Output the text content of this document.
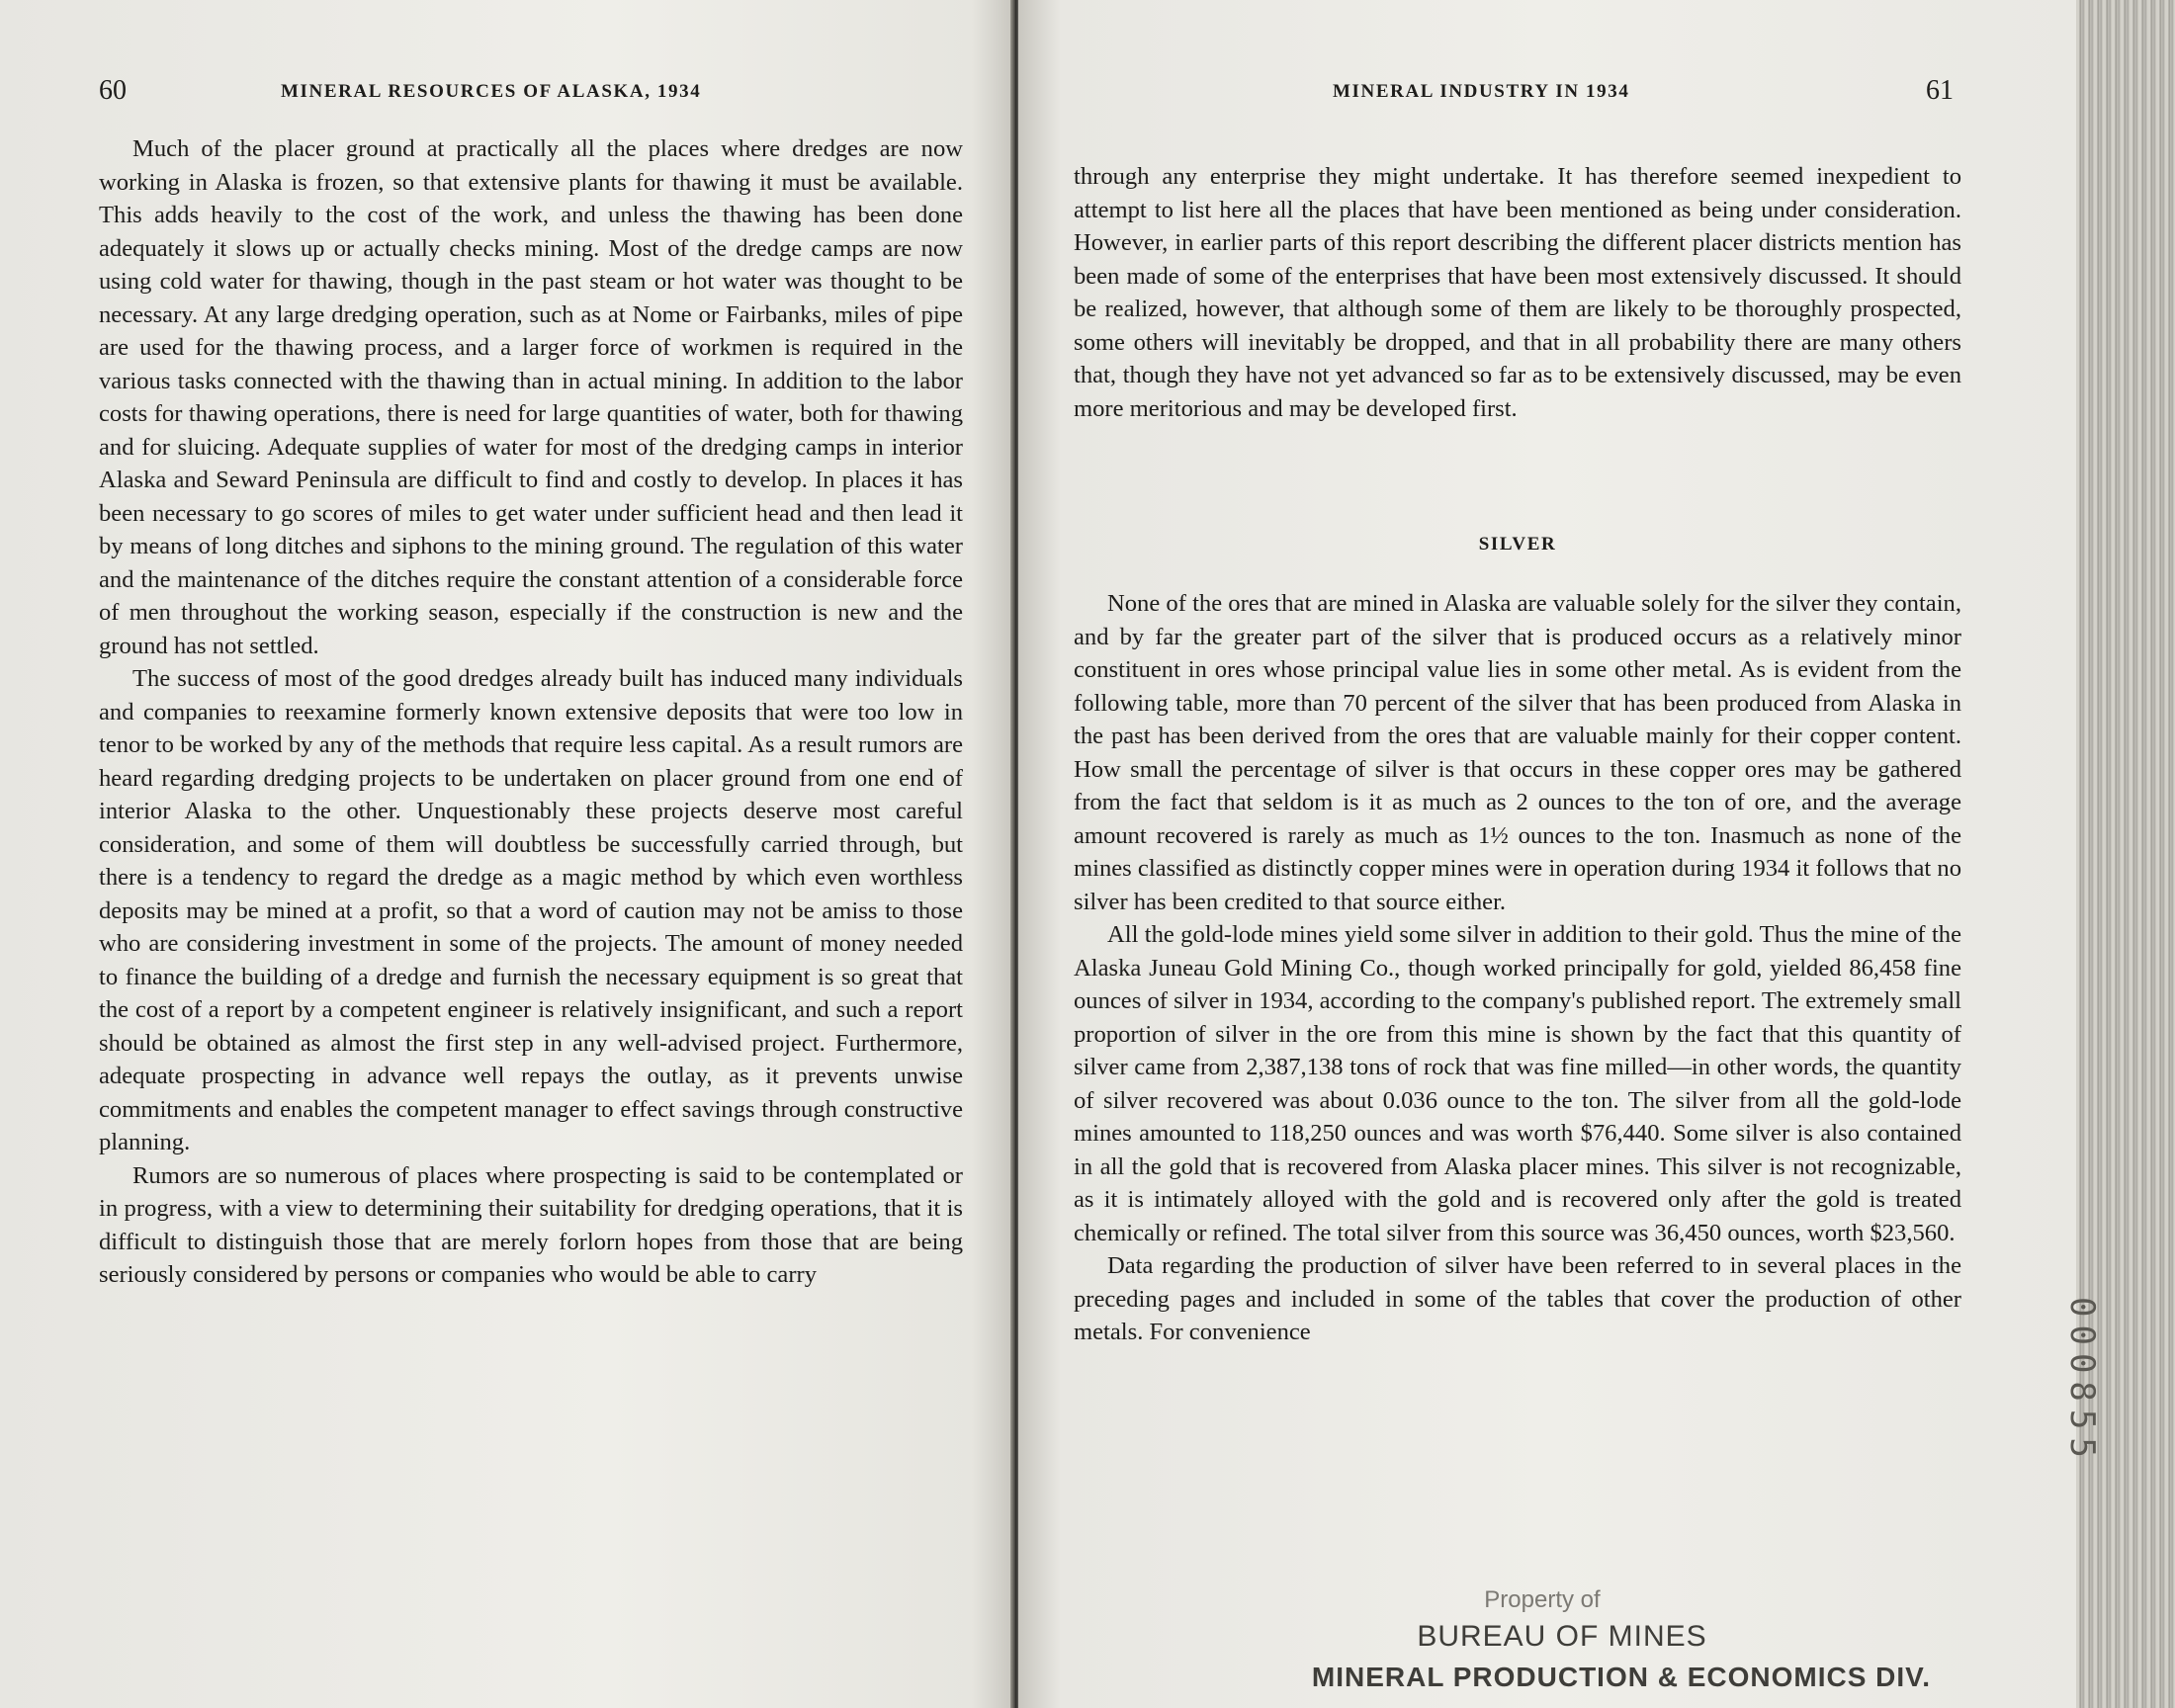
60	MINERAL RESOURCES OF ALASKA, 1934

Much of the placer ground at practically all the places where dredges are now working in Alaska is frozen, so that extensive plants for thawing it must be available. This adds heavily to the cost of the work, and unless the thawing has been done adequately it slows up or actually checks mining. Most of the dredge camps are now using cold water for thawing, though in the past steam or hot water was thought to be necessary. At any large dredging operation, such as at Nome or Fairbanks, miles of pipe are used for the thawing process, and a larger force of workmen is required in the various tasks connected with the thawing than in actual mining. In addition to the labor costs for thawing operations, there is need for large quantities of water, both for thawing and for sluicing. Adequate supplies of water for most of the dredging camps in interior Alaska and Seward Peninsula are difficult to find and costly to develop. In places it has been necessary to go scores of miles to get water under sufficient head and then lead it by means of long ditches and siphons to the mining ground. The regulation of this water and the maintenance of the ditches require the constant attention of a considerable force of men throughout the working season, especially if the construction is new and the ground has not settled.

The success of most of the good dredges already built has induced many individuals and companies to reexamine formerly known extensive deposits that were too low in tenor to be worked by any of the methods that require less capital. As a result rumors are heard regarding dredging projects to be undertaken on placer ground from one end of interior Alaska to the other. Unquestionably these projects deserve most careful consideration, and some of them will doubtless be successfully carried through, but there is a tendency to regard the dredge as a magic method by which even worthless deposits may be mined at a profit, so that a word of caution may not be amiss to those who are considering investment in some of the projects. The amount of money needed to finance the building of a dredge and furnish the necessary equipment is so great that the cost of a report by a competent engineer is relatively insignificant, and such a report should be obtained as almost the first step in any well-advised project. Furthermore, adequate prospecting in advance well repays the outlay, as it prevents unwise commitments and enables the competent manager to effect savings through constructive planning.

Rumors are so numerous of places where prospecting is said to be contemplated or in progress, with a view to determining their suitability for dredging operations, that it is difficult to distinguish those that are merely forlorn hopes from those that are being seriously considered by persons or companies who would be able to carry

MINERAL INDUSTRY IN 1934	61

through any enterprise they might undertake. It has therefore seemed inexpedient to attempt to list here all the places that have been mentioned as being under consideration. However, in earlier parts of this report describing the different placer districts mention has been made of some of the enterprises that have been most extensively discussed. It should be realized, however, that although some of them are likely to be thoroughly prospected, some others will inevitably be dropped, and that in all probability there are many others that, though they have not yet advanced so far as to be extensively discussed, may be even more meritorious and may be developed first.

SILVER

None of the ores that are mined in Alaska are valuable solely for the silver they contain, and by far the greater part of the silver that is produced occurs as a relatively minor constituent in ores whose principal value lies in some other metal. As is evident from the following table, more than 70 percent of the silver that has been produced from Alaska in the past has been derived from the ores that are valuable mainly for their copper content. How small the percentage of silver is that occurs in these copper ores may be gathered from the fact that seldom is it as much as 2 ounces to the ton of ore, and the average amount recovered is rarely as much as 1½ ounces to the ton. Inasmuch as none of the mines classified as distinctly copper mines were in operation during 1934 it follows that no silver has been credited to that source either.

All the gold-lode mines yield some silver in addition to their gold. Thus the mine of the Alaska Juneau Gold Mining Co., though worked principally for gold, yielded 86,458 fine ounces of silver in 1934, according to the company's published report. The extremely small proportion of silver in the ore from this mine is shown by the fact that this quantity of silver came from 2,387,138 tons of rock that was fine milled—in other words, the quantity of silver recovered was about 0.036 ounce to the ton. The silver from all the gold-lode mines amounted to 118,250 ounces and was worth $76,440. Some silver is also contained in all the gold that is recovered from Alaska placer mines. This silver is not recognizable, as it is intimately alloyed with the gold and is recovered only after the gold is treated chemically or refined. The total silver from this source was 36,450 ounces, worth $23,560.

Data regarding the production of silver have been referred to in several places in the preceding pages and included in some of the tables that cover the production of other metals. For convenience

Property of
BUREAU OF MINES
MINERAL PRODUCTION & ECONOMICS DIV.
000855
